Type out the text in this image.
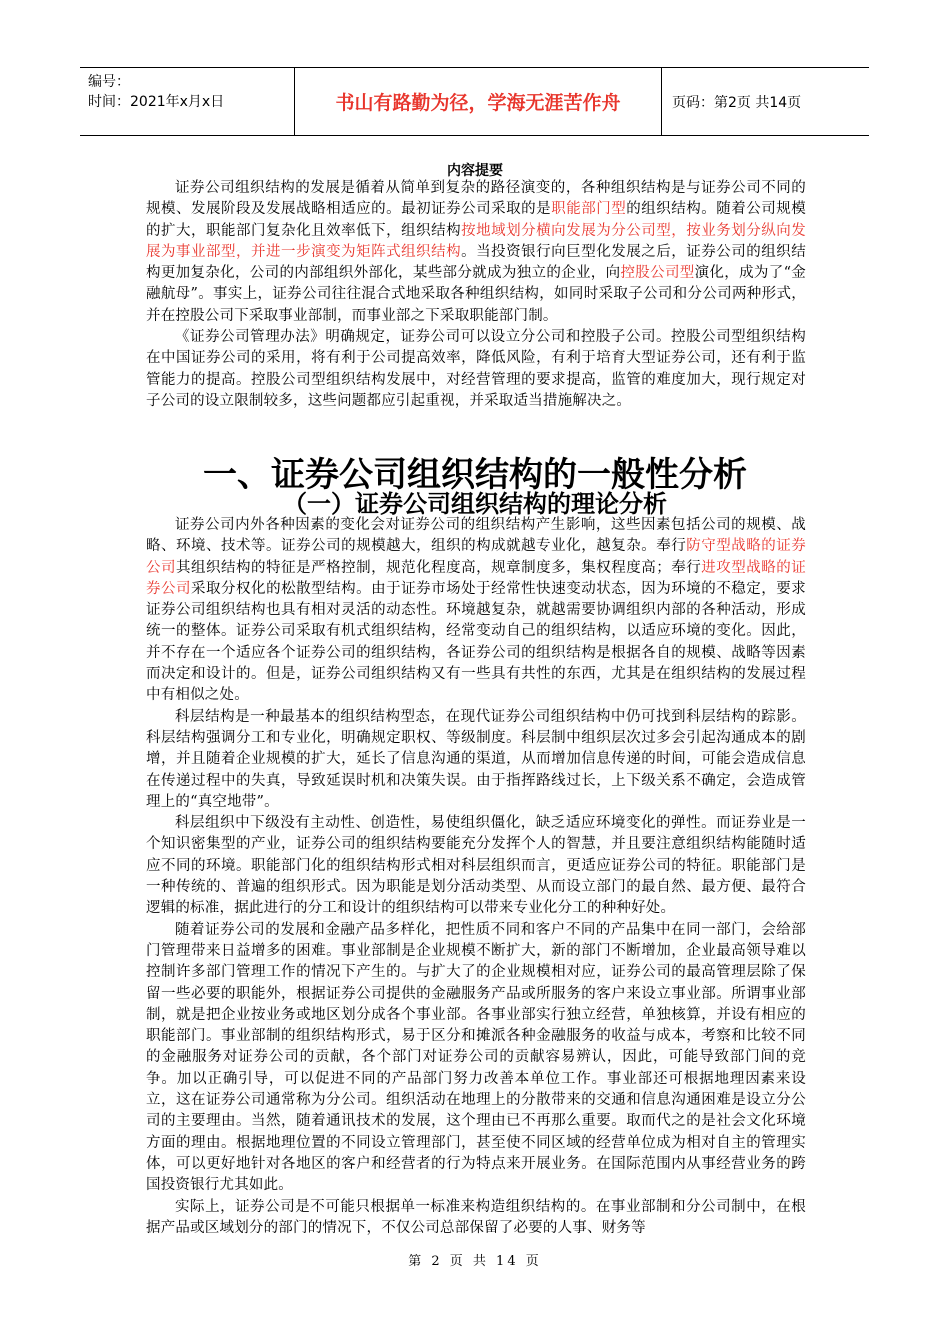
编号：
时间：2021年x月x日	书山有路勤为径，学海无涯苦作舟	页码：第2页 共14页
内容提要

证券公司组织结构的发展是循着从简单到复杂的路径演变的，各种组织结构是与证券公司不同的规模、发展阶段及发展战略相适应的。最初证券公司采取的是职能部门型的组织结构。随着公司规模的扩大，职能部门复杂化且效率低下，组织结构按地域划分横向发展为分公司型，按业务划分纵向发展为事业部型，并进一步演变为矩阵式组织结构。当投资银行向巨型化发展之后，证券公司的组织结构更加复杂化，公司的内部组织外部化，某些部分就成为独立的企业，向控股公司型演化，成为了“金融航母”。事实上，证券公司往往混合式地采取各种组织结构，如同时采取子公司和分公司两种形式，并在控股公司下采取事业部制，而事业部之下采取职能部门制。

《证券公司管理办法》明确规定，证券公司可以设立分公司和控股子公司。控股公司型组织结构在中国证券公司的采用，将有利于公司提高效率，降低风险，有利于培育大型证券公司，还有利于监管能力的提高。控股公司型组织结构发展中，对经营管理的要求提高，监管的难度加大，现行规定对子公司的设立限制较多，这些问题都应引起重视，并采取适当措施解决之。

一、证券公司组织结构的一般性分析
（一）证券公司组织结构的理论分析

证券公司内外各种因素的变化会对证券公司的组织结构产生影响，这些因素包括公司的规模、战略、环境、技术等。证券公司的规模越大，组织的构成就越专业化，越复杂。奉行防守型战略的证券公司其组织结构的特征是严格控制，规范化程度高，规章制度多，集权程度高；奉行进攻型战略的证券公司采取分权化的松散型结构。由于证券市场处于经常性快速变动状态，因为环境的不稳定，要求证券公司组织结构也具有相对灵活的动态性。环境越复杂，就越需要协调组织内部的各种活动，形成统一的整体。证券公司采取有机式组织结构，经常变动自己的组织结构，以适应环境的变化。因此，并不存在一个适应各个证券公司的组织结构，各证券公司的组织结构是根据各自的规模、战略等因素而决定和设计的。但是，证券公司组织结构又有一些具有共性的东西，尤其是在组织结构的发展过程中有相似之处。

科层结构是一种最基本的组织结构型态，在现代证券公司组织结构中仍可找到科层结构的踪影。科层结构强调分工和专业化，明确规定职权、等级制度。科层制中组织层次过多会引起沟通成本的剧增，并且随着企业规模的扩大，延长了信息沟通的渠道，从而增加信息传递的时间，可能会造成信息在传递过程中的失真，导致延误时机和决策失误。由于指挥路线过长，上下级关系不确定，会造成管理上的“真空地带”。

科层组织中下级没有主动性、创造性，易使组织僵化，缺乏适应环境变化的弹性。而证券业是一个知识密集型的产业，证券公司的组织结构要能充分发挥个人的智慧，并且要注意组织结构能随时适应不同的环境。职能部门化的组织结构形式相对科层组织而言，更适应证券公司的特征。职能部门是一种传统的、普遍的组织形式。因为职能是划分活动类型、从而设立部门的最自然、最方便、最符合逻辑的标准，据此进行的分工和设计的组织结构可以带来专业化分工的种种好处。

随着证券公司的发展和金融产品多样化，把性质不同和客户不同的产品集中在同一部门，会给部门管理带来日益增多的困难。事业部制是企业规模不断扩大，新的部门不断增加，企业最高领导难以控制许多部门管理工作的情况下产生的。与扩大了的企业规模相对应，证券公司的最高管理层除了保留一些必要的职能外，根据证券公司提供的金融服务产品或所服务的客户来设立事业部。所谓事业部制，就是把企业按业务或地区划分成各个事业部。各事业部实行独立经营，单独核算，并设有相应的职能部门。事业部制的组织结构形式，易于区分和摊派各种金融服务的收益与成本，考察和比较不同的金融服务对证券公司的贡献，各个部门对证券公司的贡献容易辨认，因此，可能导致部门间的竞争。加以正确引导，可以促进不同的产品部门努力改善本单位工作。事业部还可根据地理因素来设立，这在证券公司通常称为分公司。组织活动在地理上的分散带来的交通和信息沟通困难是设立分公司的主要理由。当然，随着通讯技术的发展，这个理由已不再那么重要。取而代之的是社会文化环境方面的理由。根据地理位置的不同设立管理部门，甚至使不同区域的经营单位成为相对自主的管理实体，可以更好地针对各地区的客户和经营者的行为特点来开展业务。在国际范围内从事经营业务的跨国投资银行尤其如此。

实际上，证券公司是不可能只根据单一标准来构造组织结构的。在事业部制和分公司制中，在根据产品或区域划分的部门的情况下，不仅公司总部保留了必要的人事、财务等

第 2 页 共 14 页
